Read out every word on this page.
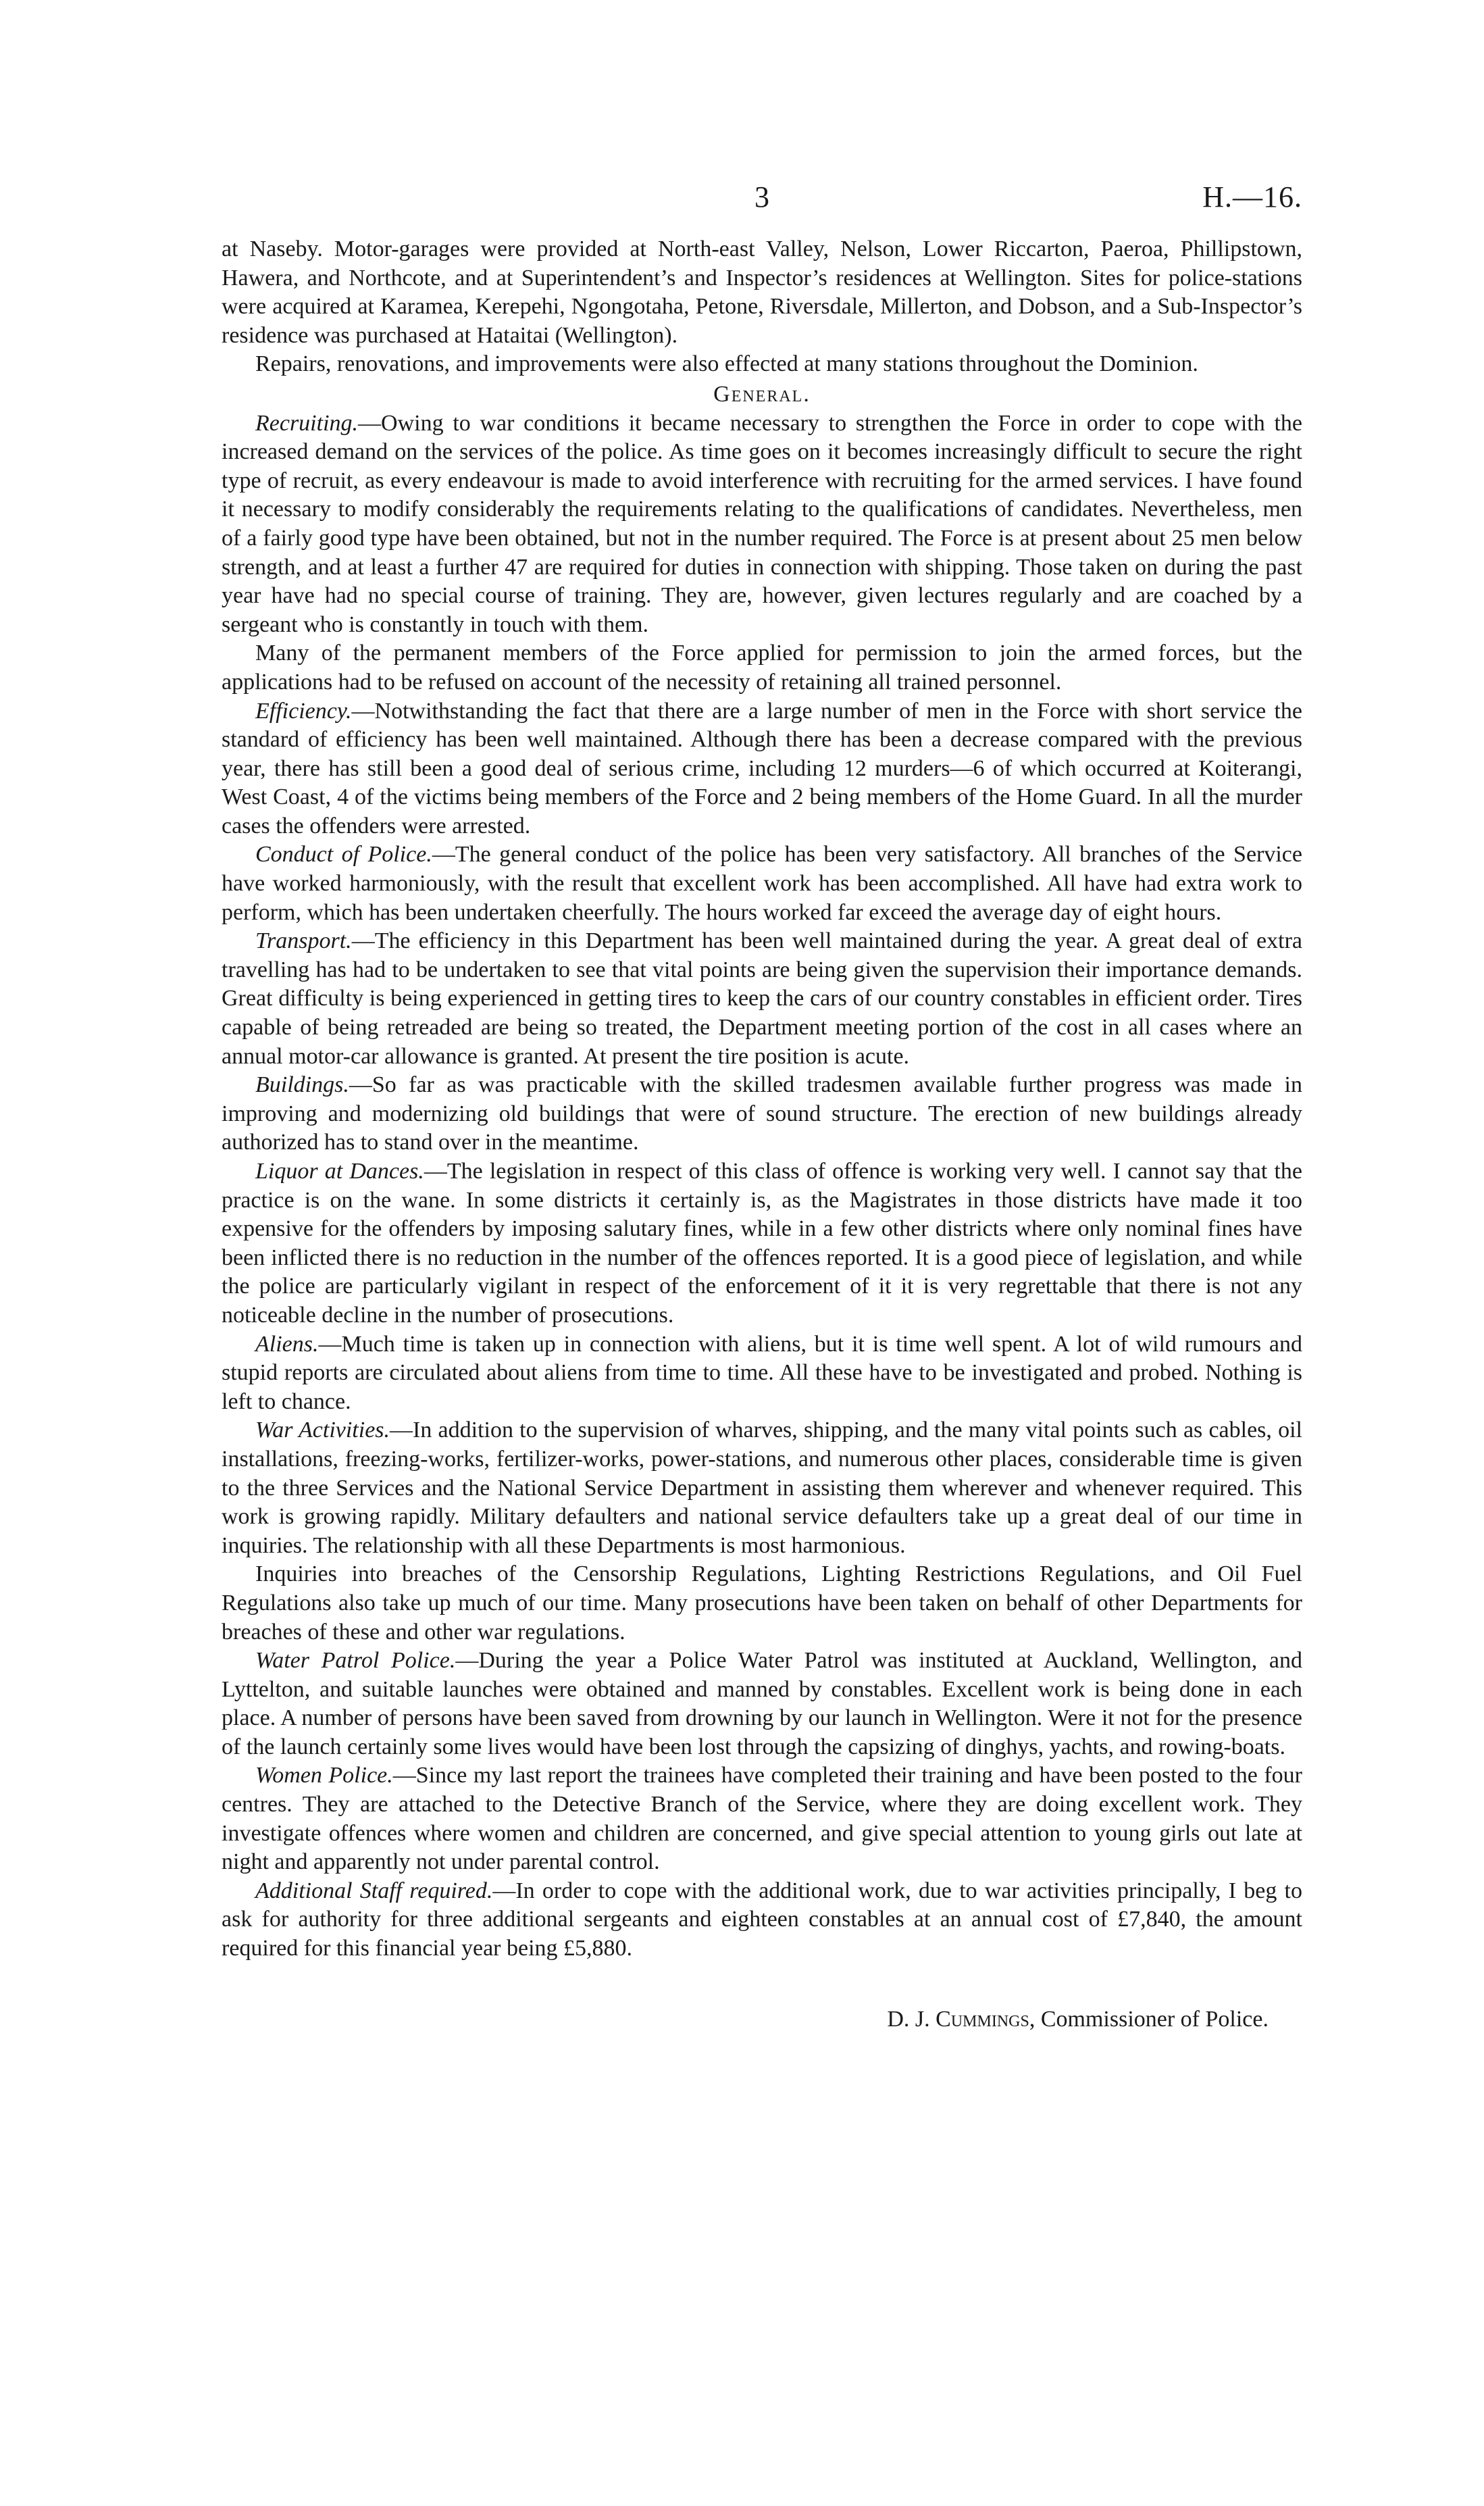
3	H.—16.

at Naseby. Motor-garages were provided at North-east Valley, Nelson, Lower Riccarton, Paeroa, Phillipstown, Hawera, and Northcote, and at Superintendent’s and Inspector’s residences at Wellington. Sites for police-stations were acquired at Karamea, Kerepehi, Ngongotaha, Petone, Riversdale, Millerton, and Dobson, and a Sub-Inspector’s residence was purchased at Hataitai (Wellington).

Repairs, renovations, and improvements were also effected at many stations throughout the Dominion.

General.

Recruiting.—Owing to war conditions it became necessary to strengthen the Force in order to cope with the increased demand on the services of the police. As time goes on it becomes increasingly difficult to secure the right type of recruit, as every endeavour is made to avoid interference with recruiting for the armed services. I have found it necessary to modify considerably the requirements relating to the qualifications of candidates. Nevertheless, men of a fairly good type have been obtained, but not in the number required. The Force is at present about 25 men below strength, and at least a further 47 are required for duties in connection with shipping. Those taken on during the past year have had no special course of training. They are, however, given lectures regularly and are coached by a sergeant who is constantly in touch with them.

Many of the permanent members of the Force applied for permission to join the armed forces, but the applications had to be refused on account of the necessity of retaining all trained personnel.

Efficiency.—Notwithstanding the fact that there are a large number of men in the Force with short service the standard of efficiency has been well maintained. Although there has been a decrease compared with the previous year, there has still been a good deal of serious crime, including 12 murders—6 of which occurred at Koiterangi, West Coast, 4 of the victims being members of the Force and 2 being members of the Home Guard. In all the murder cases the offenders were arrested.

Conduct of Police.—The general conduct of the police has been very satisfactory. All branches of the Service have worked harmoniously, with the result that excellent work has been accomplished. All have had extra work to perform, which has been undertaken cheerfully. The hours worked far exceed the average day of eight hours.

Transport.—The efficiency in this Department has been well maintained during the year. A great deal of extra travelling has had to be undertaken to see that vital points are being given the supervision their importance demands. Great difficulty is being experienced in getting tires to keep the cars of our country constables in efficient order. Tires capable of being retreaded are being so treated, the Department meeting portion of the cost in all cases where an annual motor-car allowance is granted. At present the tire position is acute.

Buildings.—So far as was practicable with the skilled tradesmen available further progress was made in improving and modernizing old buildings that were of sound structure. The erection of new buildings already authorized has to stand over in the meantime.

Liquor at Dances.—The legislation in respect of this class of offence is working very well. I cannot say that the practice is on the wane. In some districts it certainly is, as the Magistrates in those districts have made it too expensive for the offenders by imposing salutary fines, while in a few other districts where only nominal fines have been inflicted there is no reduction in the number of the offences reported. It is a good piece of legislation, and while the police are particularly vigilant in respect of the enforcement of it it is very regrettable that there is not any noticeable decline in the number of prosecutions.

Aliens.—Much time is taken up in connection with aliens, but it is time well spent. A lot of wild rumours and stupid reports are circulated about aliens from time to time. All these have to be investigated and probed. Nothing is left to chance.

War Activities.—In addition to the supervision of wharves, shipping, and the many vital points such as cables, oil installations, freezing-works, fertilizer-works, power-stations, and numerous other places, considerable time is given to the three Services and the National Service Department in assisting them wherever and whenever required. This work is growing rapidly. Military defaulters and national service defaulters take up a great deal of our time in inquiries. The relationship with all these Departments is most harmonious.

Inquiries into breaches of the Censorship Regulations, Lighting Restrictions Regulations, and Oil Fuel Regulations also take up much of our time. Many prosecutions have been taken on behalf of other Departments for breaches of these and other war regulations.

Water Patrol Police.—During the year a Police Water Patrol was instituted at Auckland, Wellington, and Lyttelton, and suitable launches were obtained and manned by constables. Excellent work is being done in each place. A number of persons have been saved from drowning by our launch in Wellington. Were it not for the presence of the launch certainly some lives would have been lost through the capsizing of dinghys, yachts, and rowing-boats.

Women Police.—Since my last report the trainees have completed their training and have been posted to the four centres. They are attached to the Detective Branch of the Service, where they are doing excellent work. They investigate offences where women and children are concerned, and give special attention to young girls out late at night and apparently not under parental control.

Additional Staff required.—In order to cope with the additional work, due to war activities principally, I beg to ask for authority for three additional sergeants and eighteen constables at an annual cost of £7,840, the amount required for this financial year being £5,880.

D. J. Cummings, Commissioner of Police.
